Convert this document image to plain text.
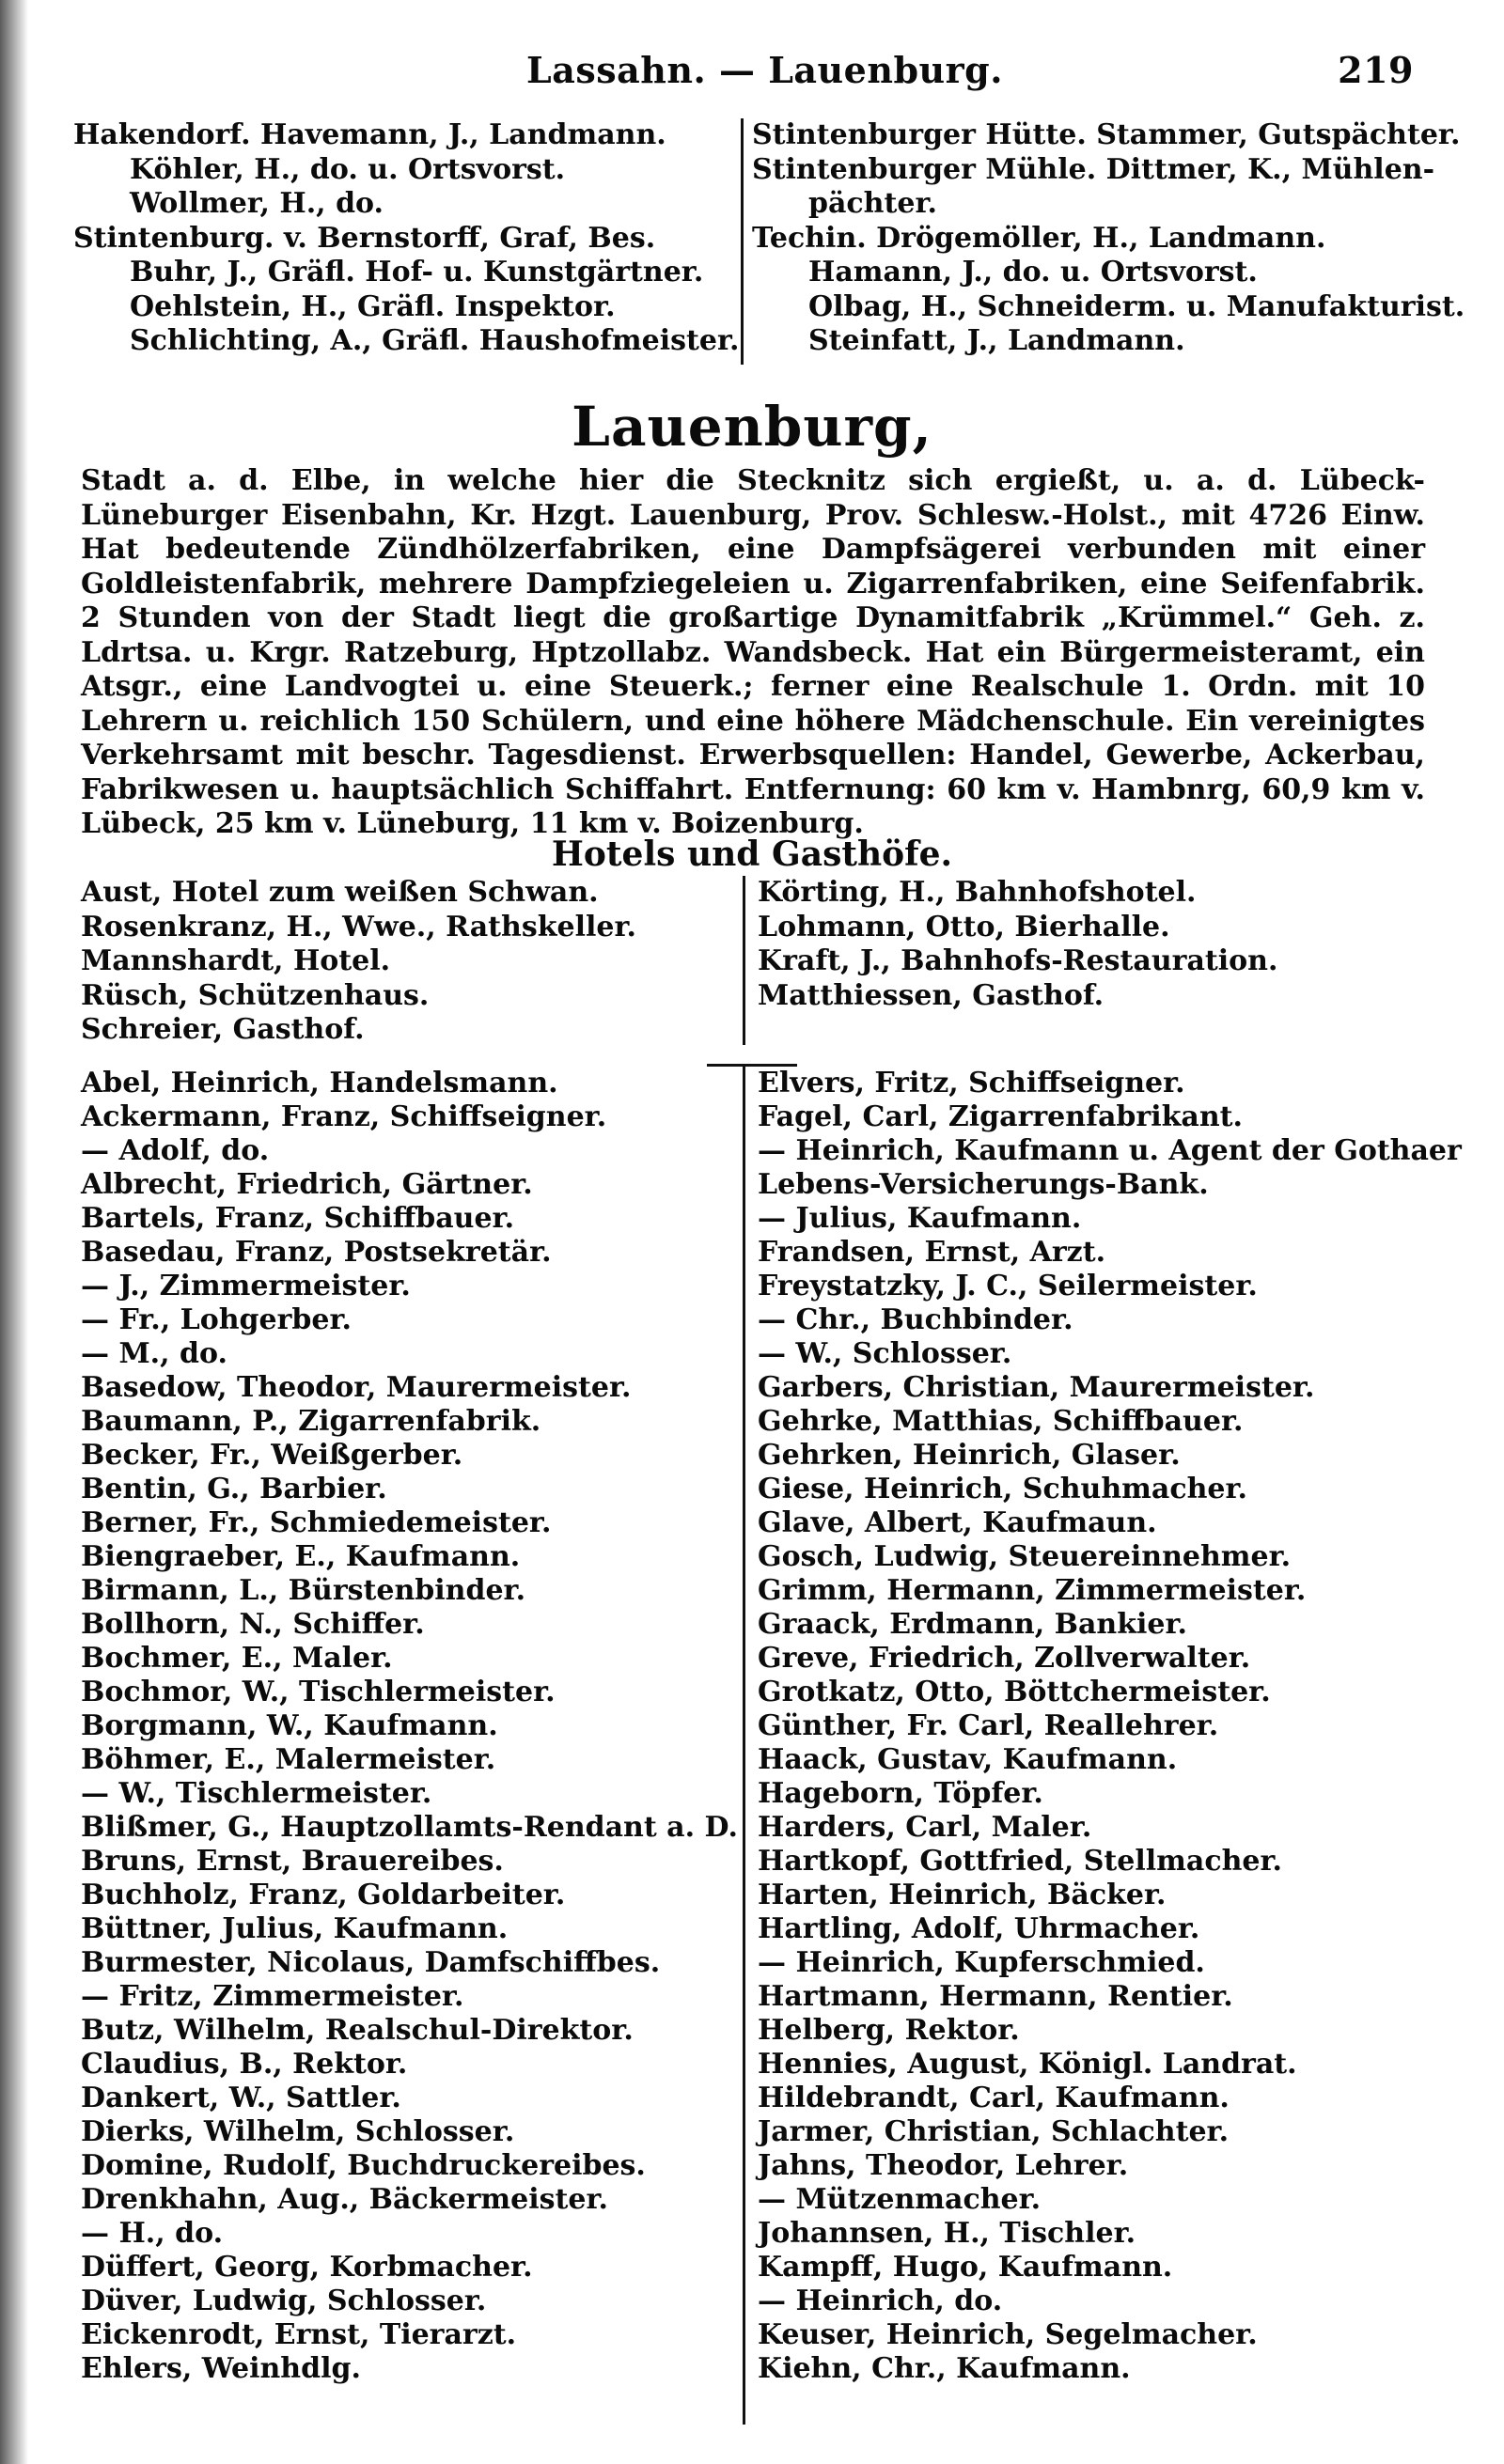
Lassahn. — Lauenburg.	219
Hakendorf. Havemann, J., Landmann.
Köhler, H., do. u. Ortsvorst.
Wollmer, H., do.
Stintenburg. v. Bernstorff, Graf, Bes.
Buhr, J., Gräfl. Hof- u. Kunstgärtner.
Oehlstein, H., Gräfl. Inspektor.
Schlichting, A., Gräfl. Haushofmeister.
Stintenburger Hütte. Stammer, Gutspächter.
Stintenburger Mühle. Dittmer, K., Mühlen-
pächter.
Techin. Drögemöller, H., Landmann.
Hamann, J., do. u. Ortsvorst.
Olbag, H., Schneiderm. u. Manufakturist.
Steinfatt, J., Landmann.
Lauenburg,
Stadt a. d. Elbe, in welche hier die Stecknitz sich ergießt, u. a. d. Lübeck-Lüneburger Eisenbahn, Kr. Hzgt. Lauenburg, Prov. Schlesw.-Holst., mit 4726 Einw. Hat bedeutende Zündhölzerfabriken, eine Dampfsägerei verbunden mit einer Goldleistenfabrik, mehrere Dampfziegeleien u. Zigarrenfabriken, eine Seifenfabrik. 2 Stunden von der Stadt liegt die großartige Dynamitfabrik „Krümmel.“ Geh. z. Ldrtsa. u. Krgr. Ratzeburg, Hptzollabz. Wandsbeck. Hat ein Bürgermeisteramt, ein Atsgr., eine Landvogtei u. eine Steuerk.; ferner eine Realschule 1. Ordn. mit 10 Lehrern u. reichlich 150 Schülern, und eine höhere Mädchenschule. Ein vereinigtes Verkehrsamt mit beschr. Tagesdienst. Erwerbsquellen: Handel, Gewerbe, Ackerbau, Fabrikwesen u. hauptsächlich Schiffahrt. Entfernung: 60 km v. Hambnrg, 60,9 km v. Lübeck, 25 km v. Lüneburg, 11 km v. Boizenburg.
Hotels und Gasthöfe.
Aust, Hotel zum weißen Schwan.
Rosenkranz, H., Wwe., Rathskeller.
Mannshardt, Hotel.
Rüsch, Schützenhaus.
Schreier, Gasthof.
Körting, H., Bahnhofshotel.
Lohmann, Otto, Bierhalle.
Kraft, J., Bahnhofs-Restauration.
Matthiessen, Gasthof.
Abel, Heinrich, Handelsmann.
Ackermann, Franz, Schiffseigner.
— Adolf, do.
Albrecht, Friedrich, Gärtner.
Bartels, Franz, Schiffbauer.
Basedau, Franz, Postsekretär.
— J., Zimmermeister.
— Fr., Lohgerber.
— M., do.
Basedow, Theodor, Maurermeister.
Baumann, P., Zigarrenfabrik.
Becker, Fr., Weißgerber.
Bentin, G., Barbier.
Berner, Fr., Schmiedemeister.
Biengraeber, E., Kaufmann.
Birmann, L., Bürstenbinder.
Bollhorn, N., Schiffer.
Bochmer, E., Maler.
Bochmor, W., Tischlermeister.
Borgmann, W., Kaufmann.
Böhmer, E., Malermeister.
— W., Tischlermeister.
Blißmer, G., Hauptzollamts-Rendant a. D.
Bruns, Ernst, Brauereibes.
Buchholz, Franz, Goldarbeiter.
Büttner, Julius, Kaufmann.
Burmester, Nicolaus, Damfschiffbes.
— Fritz, Zimmermeister.
Butz, Wilhelm, Realschul-Direktor.
Claudius, B., Rektor.
Dankert, W., Sattler.
Dierks, Wilhelm, Schlosser.
Domine, Rudolf, Buchdruckereibes.
Drenkhahn, Aug., Bäckermeister.
— H., do.
Düffert, Georg, Korbmacher.
Düver, Ludwig, Schlosser.
Eickenrodt, Ernst, Tierarzt.
Ehlers, Weinhdlg.
Elvers, Fritz, Schiffseigner.
Fagel, Carl, Zigarrenfabrikant.
— Heinrich, Kaufmann u. Agent der Gothaer
Lebens-Versicherungs-Bank.
— Julius, Kaufmann.
Frandsen, Ernst, Arzt.
Freystatzky, J. C., Seilermeister.
— Chr., Buchbinder.
— W., Schlosser.
Garbers, Christian, Maurermeister.
Gehrke, Matthias, Schiffbauer.
Gehrken, Heinrich, Glaser.
Giese, Heinrich, Schuhmacher.
Glave, Albert, Kaufmaun.
Gosch, Ludwig, Steuereinnehmer.
Grimm, Hermann, Zimmermeister.
Graack, Erdmann, Bankier.
Greve, Friedrich, Zollverwalter.
Grotkatz, Otto, Böttchermeister.
Günther, Fr. Carl, Reallehrer.
Haack, Gustav, Kaufmann.
Hageborn, Töpfer.
Harders, Carl, Maler.
Hartkopf, Gottfried, Stellmacher.
Harten, Heinrich, Bäcker.
Hartling, Adolf, Uhrmacher.
— Heinrich, Kupferschmied.
Hartmann, Hermann, Rentier.
Helberg, Rektor.
Hennies, August, Königl. Landrat.
Hildebrandt, Carl, Kaufmann.
Jarmer, Christian, Schlachter.
Jahns, Theodor, Lehrer.
— Mützenmacher.
Johannsen, H., Tischler.
Kampff, Hugo, Kaufmann.
— Heinrich, do.
Keuser, Heinrich, Segelmacher.
Kiehn, Chr., Kaufmann.
